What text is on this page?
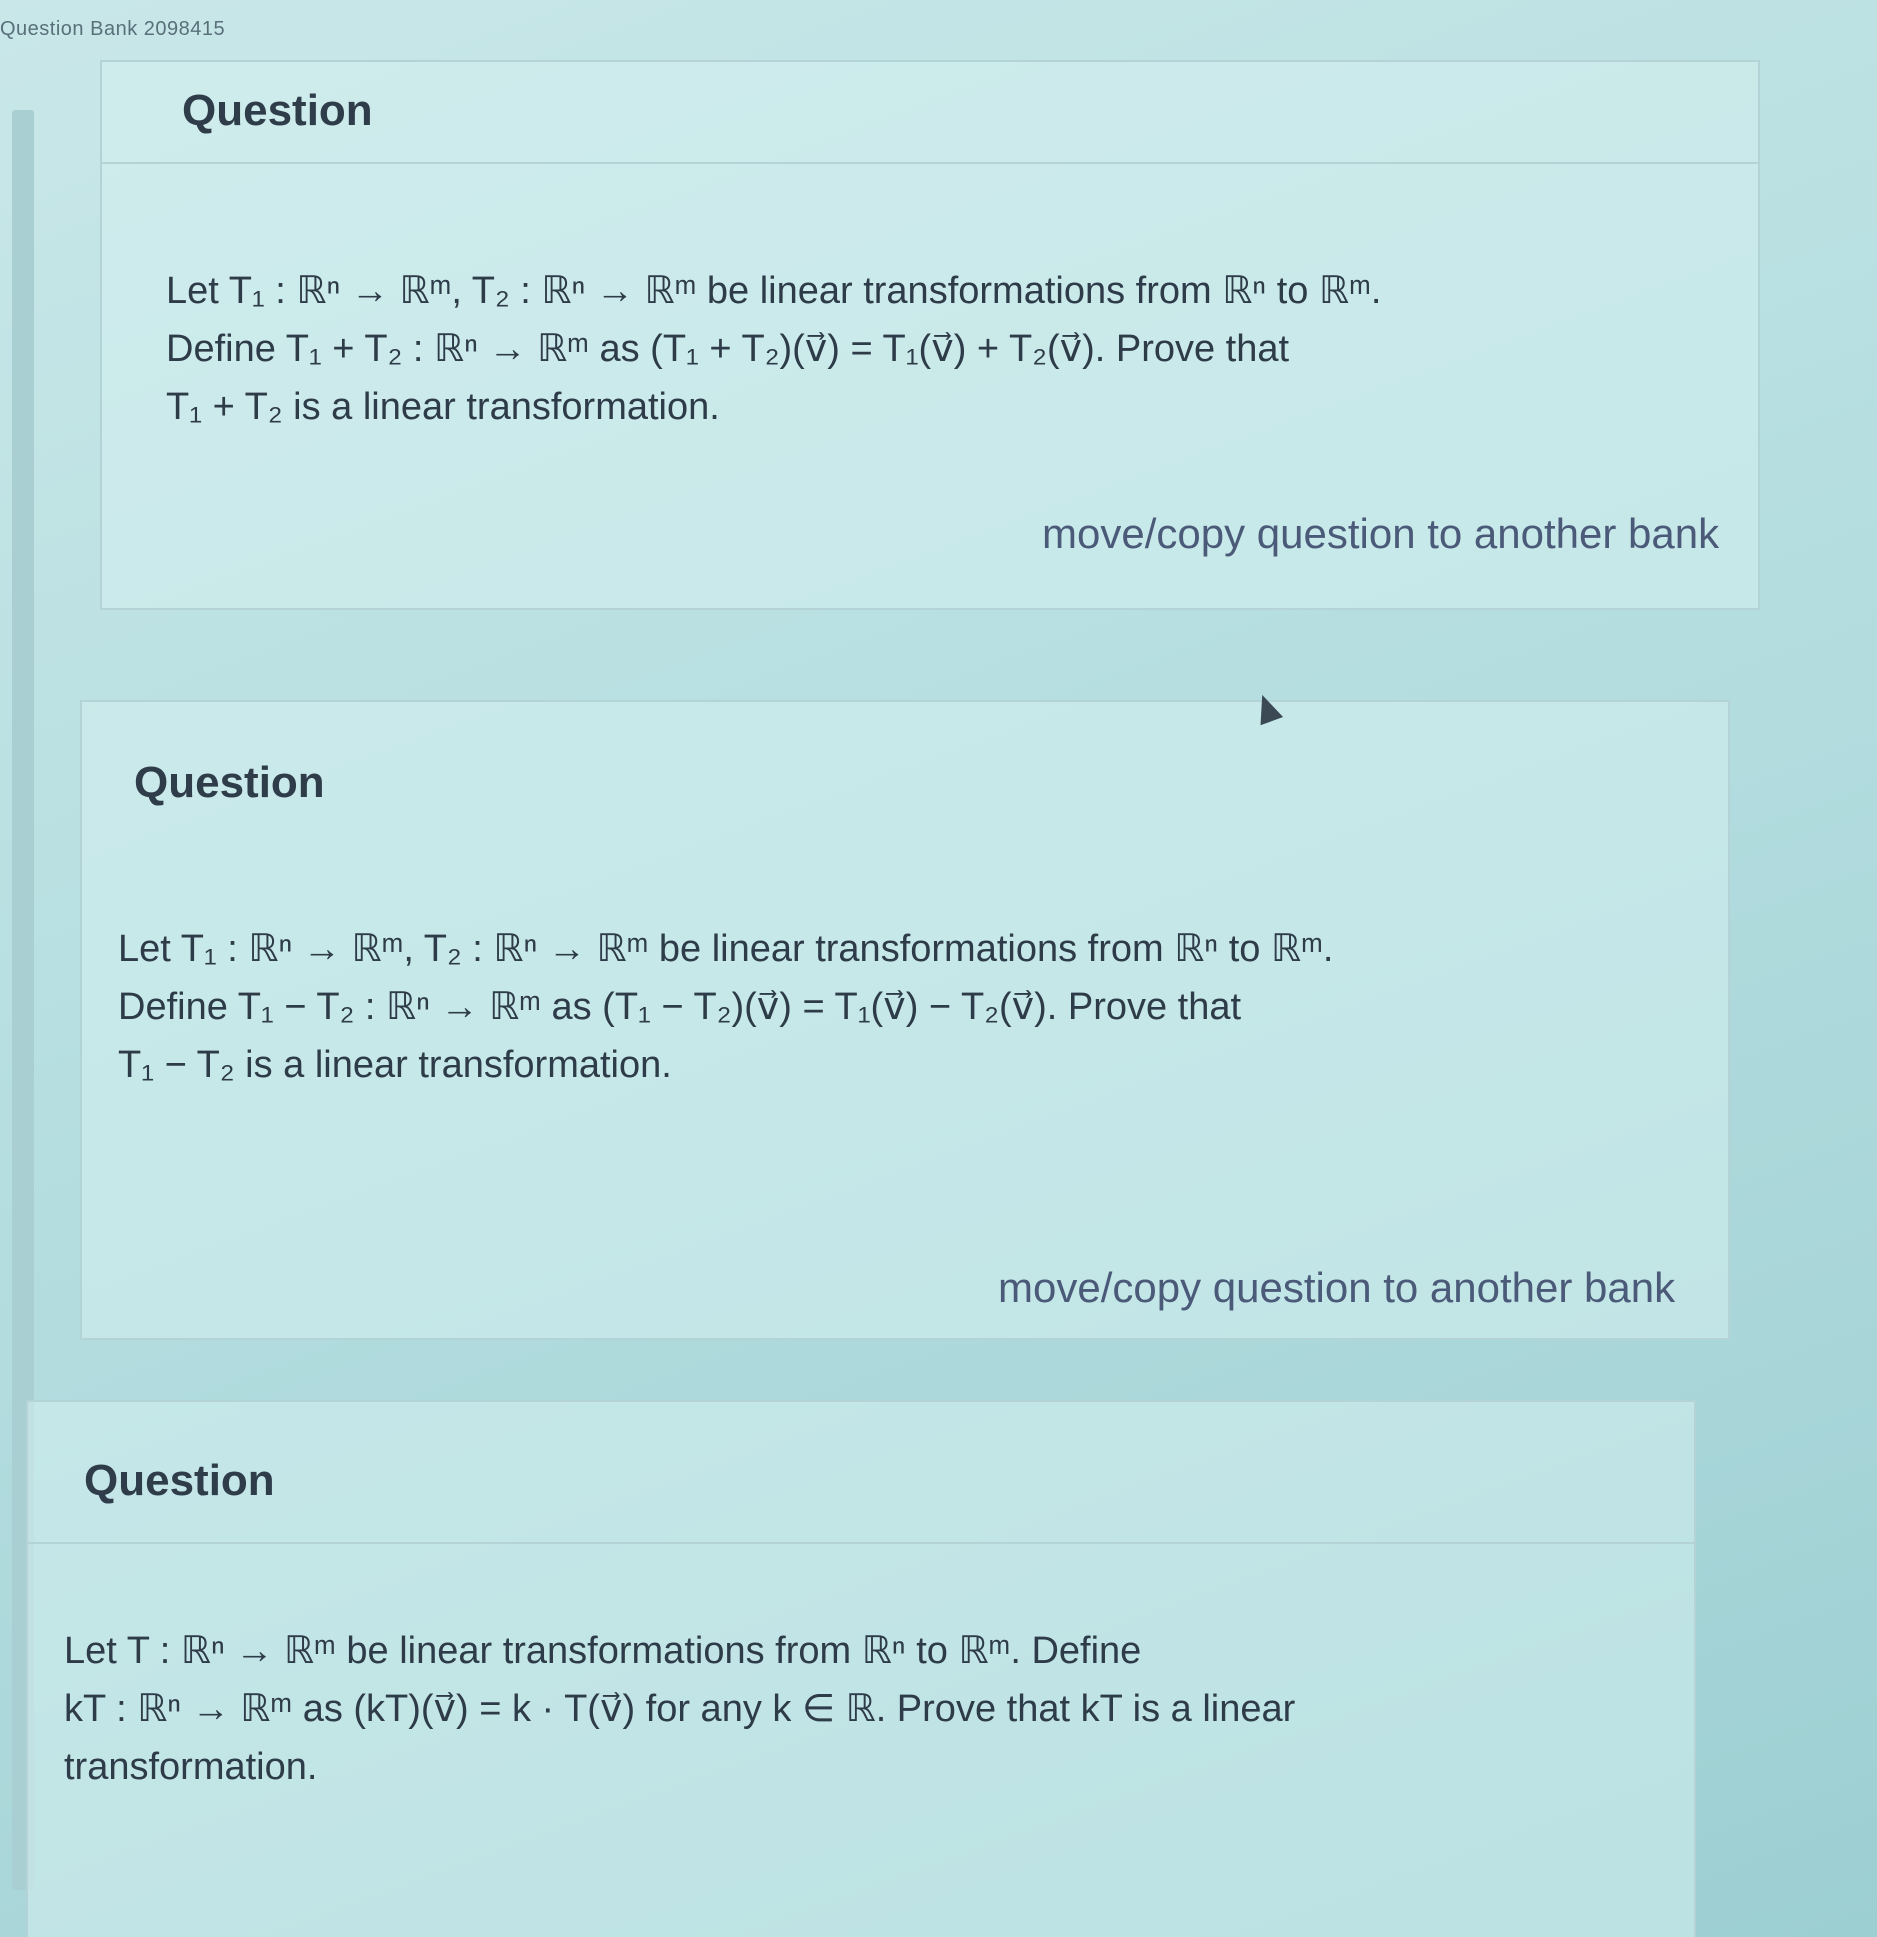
Question Bank 2098415
Question
Let T₁ : ℝⁿ → ℝᵐ, T₂ : ℝⁿ → ℝᵐ be linear transformations from ℝⁿ to ℝᵐ.
Define T₁ + T₂ : ℝⁿ → ℝᵐ as (T₁ + T₂)(v⃗) = T₁(v⃗) + T₂(v⃗). Prove that
T₁ + T₂ is a linear transformation.
move/copy question to another bank
Question
Let T₁ : ℝⁿ → ℝᵐ, T₂ : ℝⁿ → ℝᵐ be linear transformations from ℝⁿ to ℝᵐ.
Define T₁ − T₂ : ℝⁿ → ℝᵐ as (T₁ − T₂)(v⃗) = T₁(v⃗) − T₂(v⃗). Prove that
T₁ − T₂ is a linear transformation.
move/copy question to another bank
Question
Let T : ℝⁿ → ℝᵐ be linear transformations from ℝⁿ to ℝᵐ. Define
kT : ℝⁿ → ℝᵐ as (kT)(v⃗) = k · T(v⃗) for any k ∈ ℝ. Prove that kT is a linear
transformation.
